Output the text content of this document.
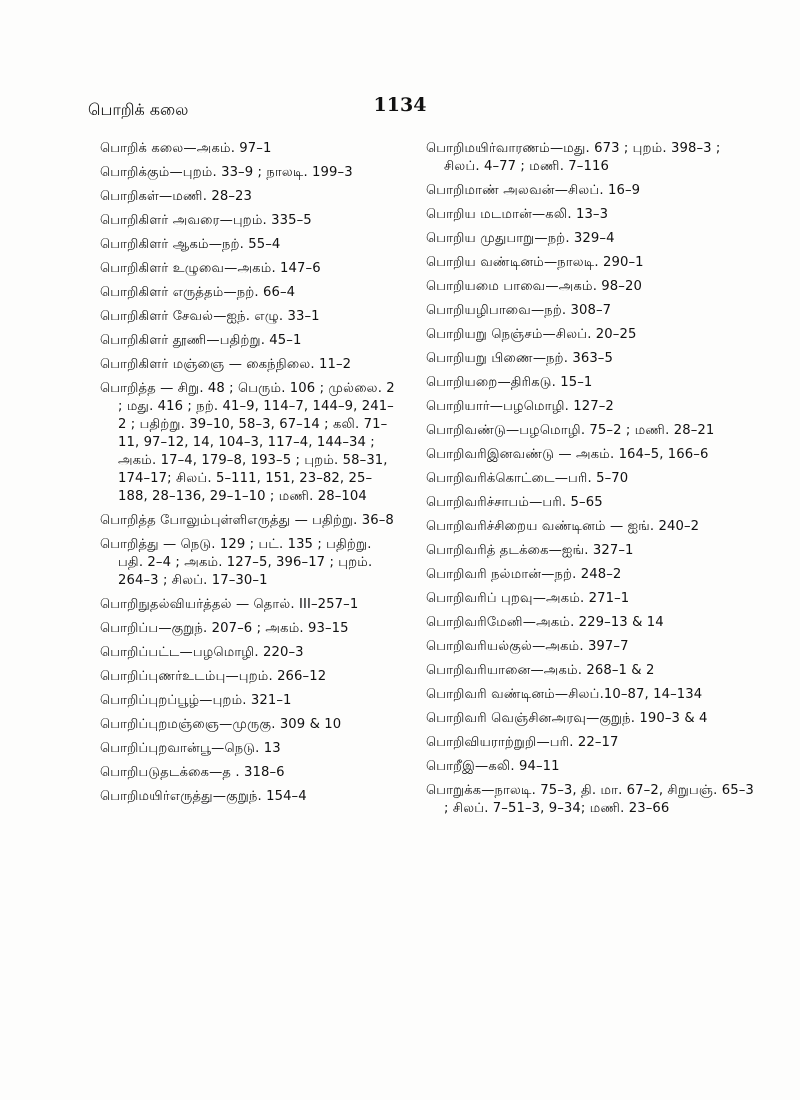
பொறிக் கலை	1134
பொறிக் கலை—அகம். 97–1
பொறிக்கும்—புறம். 33–9 ; நாலடி. 199–3
பொறிகள்—மணி. 28–23
பொறிகிளர் அவரை—புறம். 335–5
பொறிகிளர் ஆகம்—நற். 55–4
பொறிகிளர் உழுவை—அகம். 147–6
பொறிகிளர் எருத்தம்—நற். 66–4
பொறிகிளர் சேவல்—ஐந். எழு. 33–1
பொறிகிளர் தூணி—பதிற்று. 45–1
பொறிகிளர் மஞ்ஞை — கைந்நிலை. 11–2
பொறித்த — சிறு. 48 ; பெரும். 106 ; முல்லை. 2 ; மது. 416 ; நற். 41–9, 114–7, 144–9, 241–2 ; பதிற்று. 39–10, 58–3, 67–14 ; கலி. 71–11, 97–12, 14, 104–3, 117–4, 144–34 ; அகம். 17–4, 179–8, 193–5 ; புறம். 58–31, 174–17; சிலப். 5–111, 151, 23–82, 25–188, 28–136, 29–1–10 ; மணி. 28–104
பொறித்த போலும்புள்ளிஎருத்து — பதிற்று. 36–8
பொறித்து — நெடு. 129 ; பட். 135 ; பதிற்று. பதி. 2–4 ; அகம். 127–5, 396–17 ; புறம். 264–3 ; சிலப். 17–30–1
பொறிநுதல்வியர்த்தல் — தொல். III–257–1
பொறிப்ப—குறுந். 207–6 ; அகம். 93–15
பொறிப்பட்ட—பழமொழி. 220–3
பொறிப்புணர்உடம்பு—புறம். 266–12
பொறிப்புறப்பூழ்—புறம். 321–1
பொறிப்புறமஞ்ஞை—முருகு. 309 & 10
பொறிப்புறவான்பூ—நெடு. 13
பொறிபடுதடக்கை—த . 318–6
பொறிமயிர்எருத்து—குறுந். 154–4
பொறிமயிர்வாரணம்—மது. 673 ; புறம். 398–3 ; சிலப். 4–77 ; மணி. 7–116
பொறிமாண் அலவன்—சிலப். 16–9
பொறிய மடமான்—கலி. 13–3
பொறிய முதுபாறு—நற். 329–4
பொறிய வண்டினம்—நாலடி. 290–1
பொறியமை பாவை—அகம். 98–20
பொறியழிபாவை—நற். 308–7
பொறியறு நெஞ்சம்—சிலப். 20–25
பொறியறு பிணை—நற். 363–5
பொறியறை—திரிகடு. 15–1
பொறியார்—பழமொழி. 127–2
பொறிவண்டு—பழமொழி. 75–2 ; மணி. 28–21
பொறிவரிஇனவண்டு — அகம். 164–5, 166–6
பொறிவரிக்கொட்டை—பரி. 5–70
பொறிவரிச்சாபம்—பரி. 5–65
பொறிவரிச்சிறைய வண்டினம் — ஐங். 240–2
பொறிவரித் தடக்கை—ஐங். 327–1
பொறிவரி நல்மான்—நற். 248–2
பொறிவரிப் புறவு—அகம். 271–1
பொறிவரிமேனி—அகம். 229–13 & 14
பொறிவரியல்குல்—அகம். 397–7
பொறிவரியானை—அகம். 268–1 & 2
பொறிவரி வண்டினம்—சிலப்.10–87, 14–134
பொறிவரி வெஞ்சினஅரவு—குறுந். 190–3 & 4
பொறிவியராற்றுறி—பரி. 22–17
பொறீஇ—கலி. 94–11
பொறுக்க—நாலடி. 75–3, தி. மா. 67–2, சிறுபஞ். 65–3 ; சிலப். 7–51–3, 9–34; மணி. 23–66
